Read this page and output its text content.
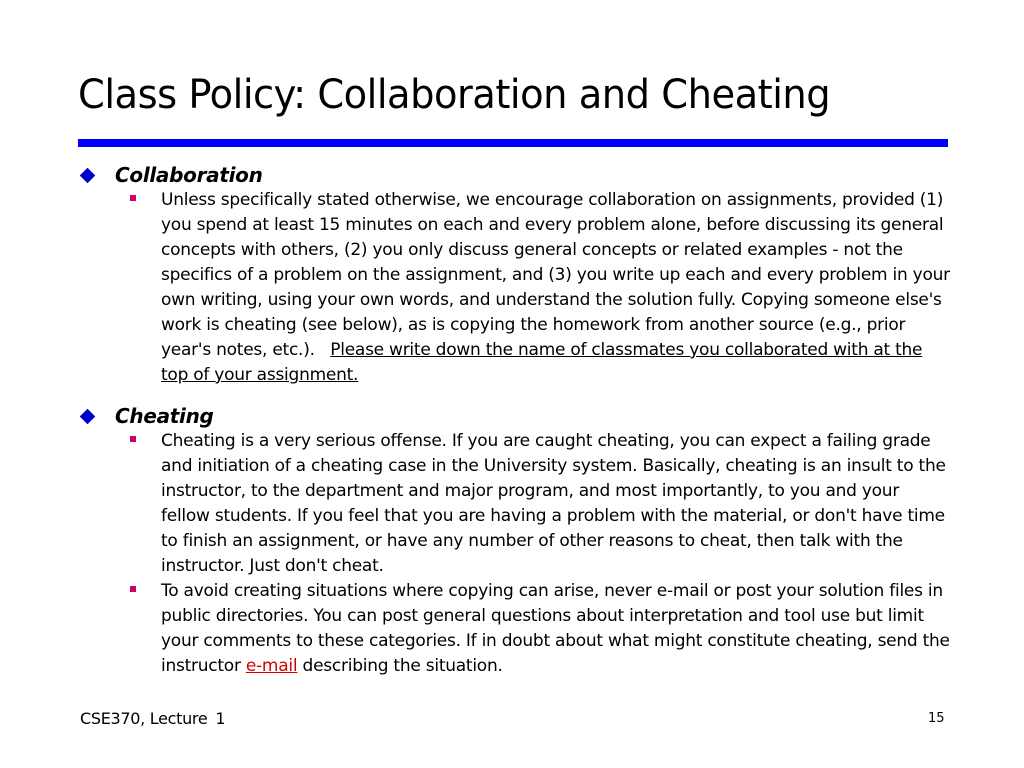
Class Policy: Collaboration and Cheating
Collaboration
Unless specifically stated otherwise, we encourage collaboration on assignments, provided (1) you spend at least 15 minutes on each and every problem alone, before discussing its general concepts with others, (2) you only discuss general concepts or related examples - not the specifics of a problem on the assignment, and (3) you write up each and every problem in your own writing, using your own words, and understand the solution fully. Copying someone else's work is cheating (see below), as is copying the homework from another source (e.g., prior year's notes, etc.). Please write down the name of classmates you collaborated with at the top of your assignment.
Cheating
Cheating is a very serious offense. If you are caught cheating, you can expect a failing grade and initiation of a cheating case in the University system. Basically, cheating is an insult to the instructor, to the department and major program, and most importantly, to you and your fellow students. If you feel that you are having a problem with the material, or don't have time to finish an assignment, or have any number of other reasons to cheat, then talk with the instructor. Just don't cheat.
To avoid creating situations where copying can arise, never e-mail or post your solution files in public directories. You can post general questions about interpretation and tool use but limit your comments to these categories. If in doubt about what might constitute cheating, send the instructor e-mail describing the situation.
CSE370, Lecture 1	15
